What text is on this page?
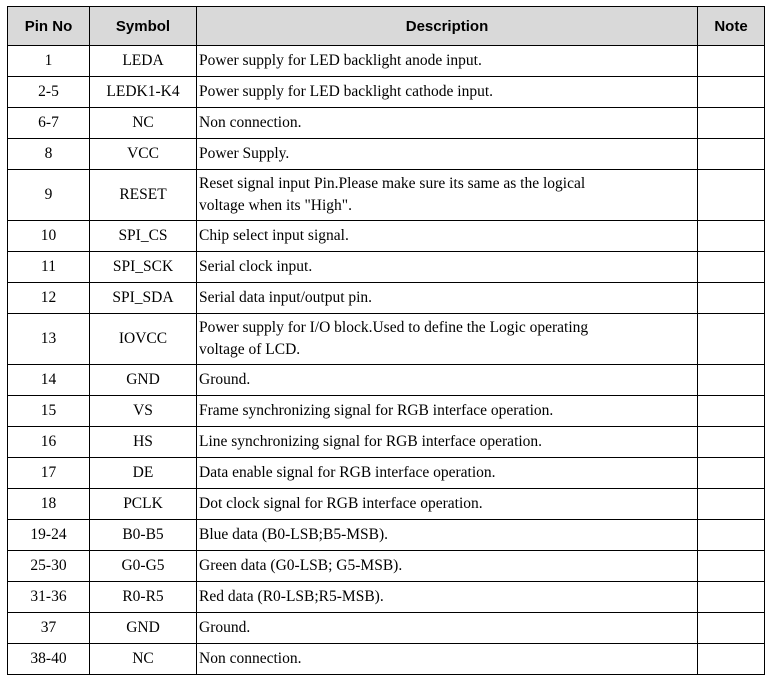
Pin No	Symbol	Description	Note
1	LEDA	Power supply for LED backlight anode input.	
2-5	LEDK1-K4	Power supply for LED backlight cathode input.	
6-7	NC	Non connection.	
8	VCC	Power Supply.	
9	RESET	Reset signal input Pin.Please make sure its same as the logical
voltage when its "High".	
10	SPI_CS	Chip select input signal.	
11	SPI_SCK	Serial clock input.	
12	SPI_SDA	Serial data input/output pin.	
13	IOVCC	Power supply for I/O block.Used to define the Logic operating
voltage of LCD.	
14	GND	Ground.	
15	VS	Frame synchronizing signal for RGB interface operation.	
16	HS	Line synchronizing signal for RGB interface operation.	
17	DE	Data enable signal for RGB interface operation.	
18	PCLK	Dot clock signal for RGB interface operation.	
19-24	B0-B5	Blue data (B0-LSB;B5-MSB).	
25-30	G0-G5	Green data (G0-LSB; G5-MSB).	
31-36	R0-R5	Red data (R0-LSB;R5-MSB).	
37	GND	Ground.	
38-40	NC	Non connection.	
